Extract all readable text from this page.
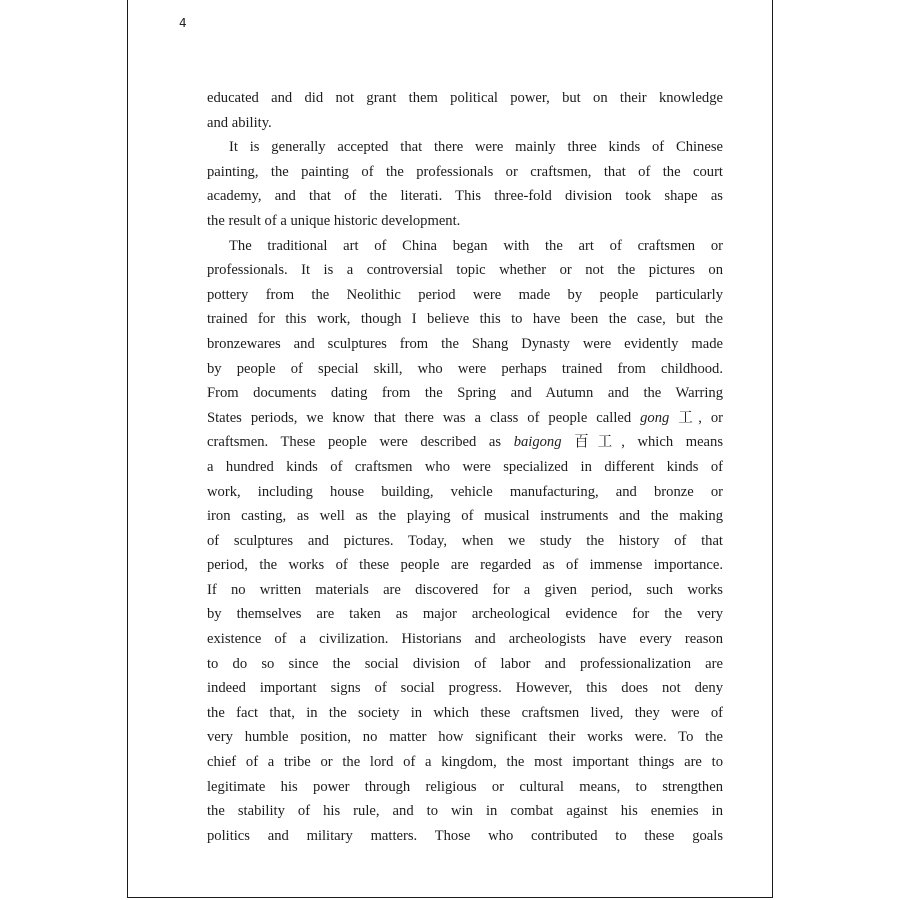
4
educated and did not grant them political power, but on their knowledge
and ability.
It is generally accepted that there were mainly three kinds of Chinese
painting, the painting of the professionals or craftsmen, that of the court
academy, and that of the literati. This three-fold division took shape as
the result of a unique historic development.
The traditional art of China began with the art of craftsmen or
professionals. It is a controversial topic whether or not the pictures on
pottery from the Neolithic period were made by people particularly
trained for this work, though I believe this to have been the case, but the
bronzewares and sculptures from the Shang Dynasty were evidently made
by people of special skill, who were perhaps trained from childhood.
From documents dating from the Spring and Autumn and the Warring
States periods, we know that there was a class of people called gong 工, or
craftsmen. These people were described as baigong 百工, which means
a hundred kinds of craftsmen who were specialized in different kinds of
work, including house building, vehicle manufacturing, and bronze or
iron casting, as well as the playing of musical instruments and the making
of sculptures and pictures. Today, when we study the history of that
period, the works of these people are regarded as of immense importance.
If no written materials are discovered for a given period, such works
by themselves are taken as major archeological evidence for the very
existence of a civilization. Historians and archeologists have every reason
to do so since the social division of labor and professionalization are
indeed important signs of social progress. However, this does not deny
the fact that, in the society in which these craftsmen lived, they were of
very humble position, no matter how significant their works were. To the
chief of a tribe or the lord of a kingdom, the most important things are to
legitimate his power through religious or cultural means, to strengthen
the stability of his rule, and to win in combat against his enemies in
politics and military matters. Those who contributed to these goals
